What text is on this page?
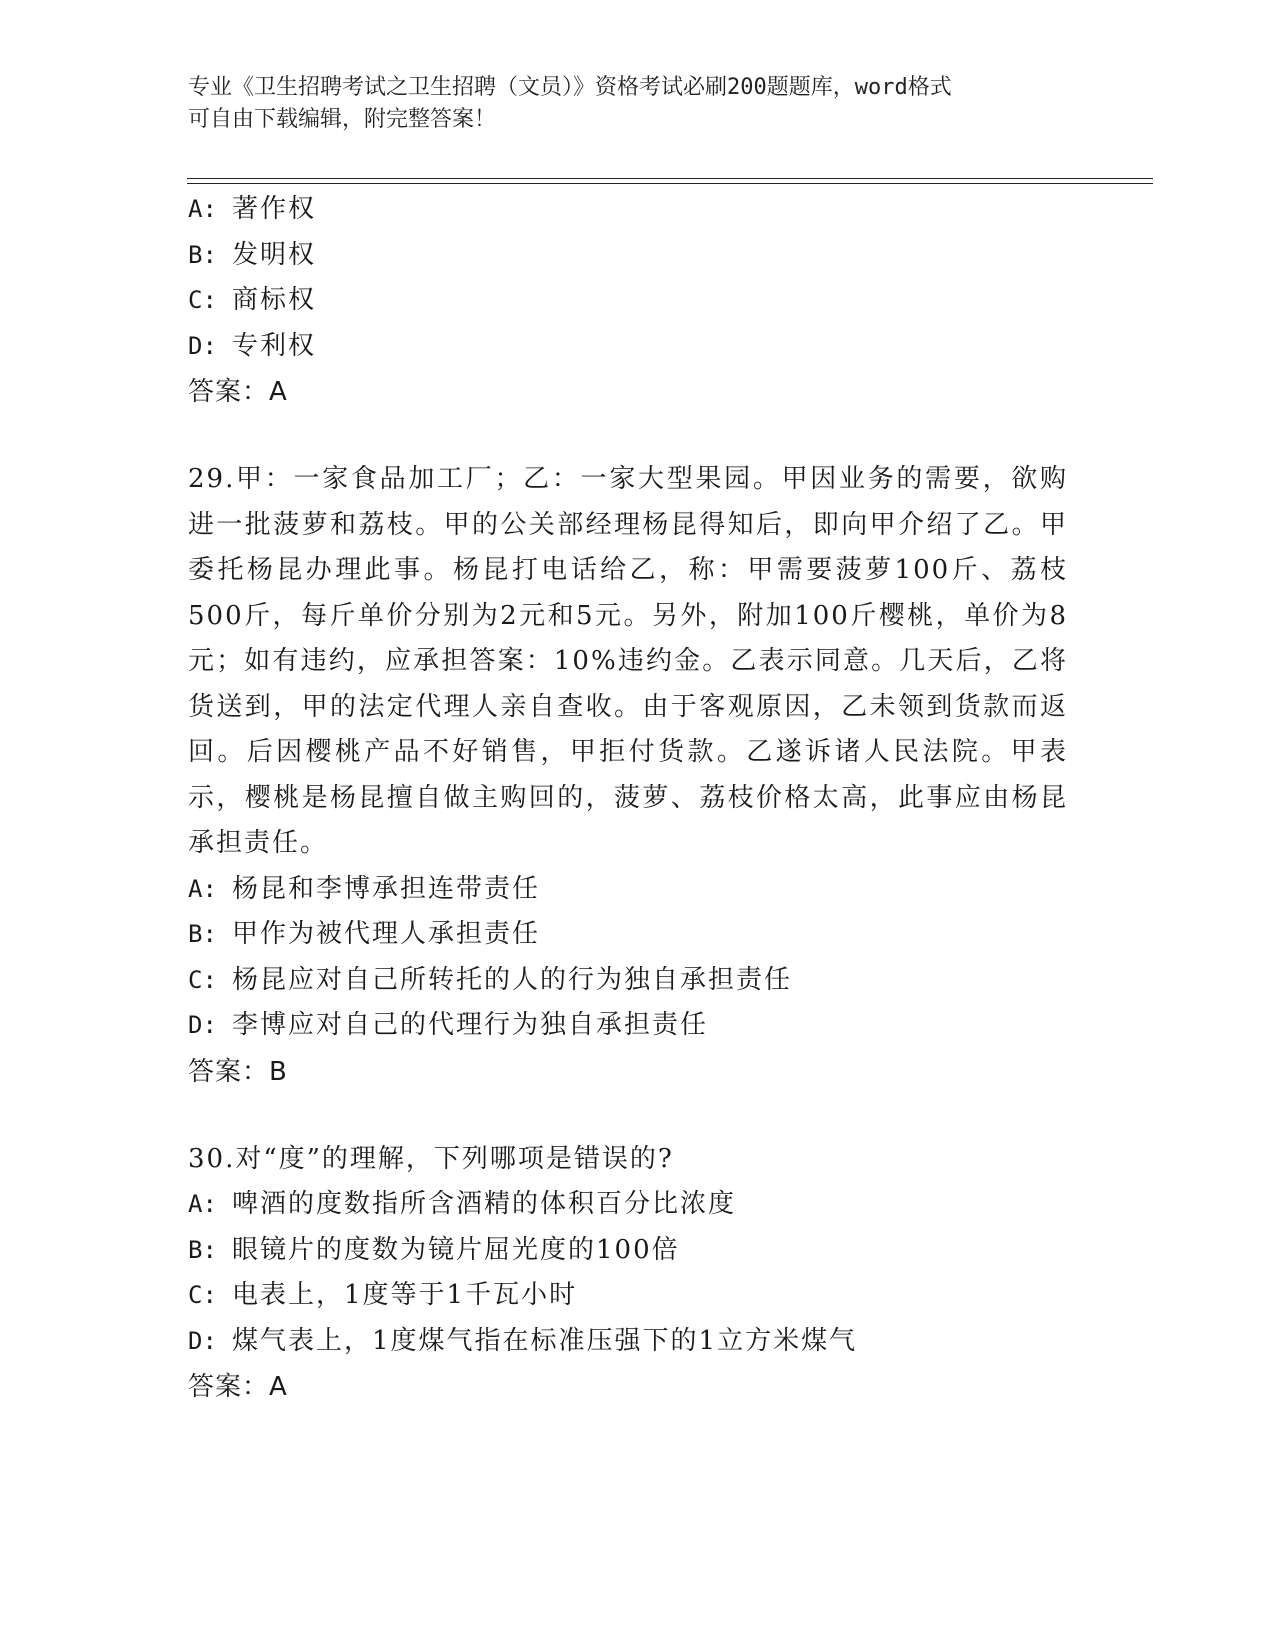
专业《卫生招聘考试之卫生招聘（文员）》资格考试必刷200题题库，word格式
可自由下载编辑，附完整答案！
A: 著作权
B: 发明权
C: 商标权
D: 专利权
答案：A
29.甲：一家食品加工厂；乙：一家大型果园。甲因业务的需要，欲购进一批菠萝和荔枝。甲的公关部经理杨昆得知后，即向甲介绍了乙。甲委托杨昆办理此事。杨昆打电话给乙，称：甲需要菠萝100斤、荔枝500斤，每斤单价分别为2元和5元。另外，附加100斤樱桃，单价为8元；如有违约，应承担答案：10%违约金。乙表示同意。几天后，乙将货送到，甲的法定代理人亲自查收。由于客观原因，乙未领到货款而返回。后因樱桃产品不好销售，甲拒付货款。乙遂诉诸人民法院。甲表示，樱桃是杨昆擅自做主购回的，菠萝、荔枝价格太高，此事应由杨昆承担责任。
A: 杨昆和李博承担连带责任
B: 甲作为被代理人承担责任
C: 杨昆应对自己所转托的人的行为独自承担责任
D: 李博应对自己的代理行为独自承担责任
答案：B
30.对“度”的理解，下列哪项是错误的?
A: 啤酒的度数指所含酒精的体积百分比浓度
B: 眼镜片的度数为镜片屈光度的100倍
C: 电表上，1度等于1千瓦小时
D: 煤气表上，1度煤气指在标准压强下的1立方米煤气
答案：A
